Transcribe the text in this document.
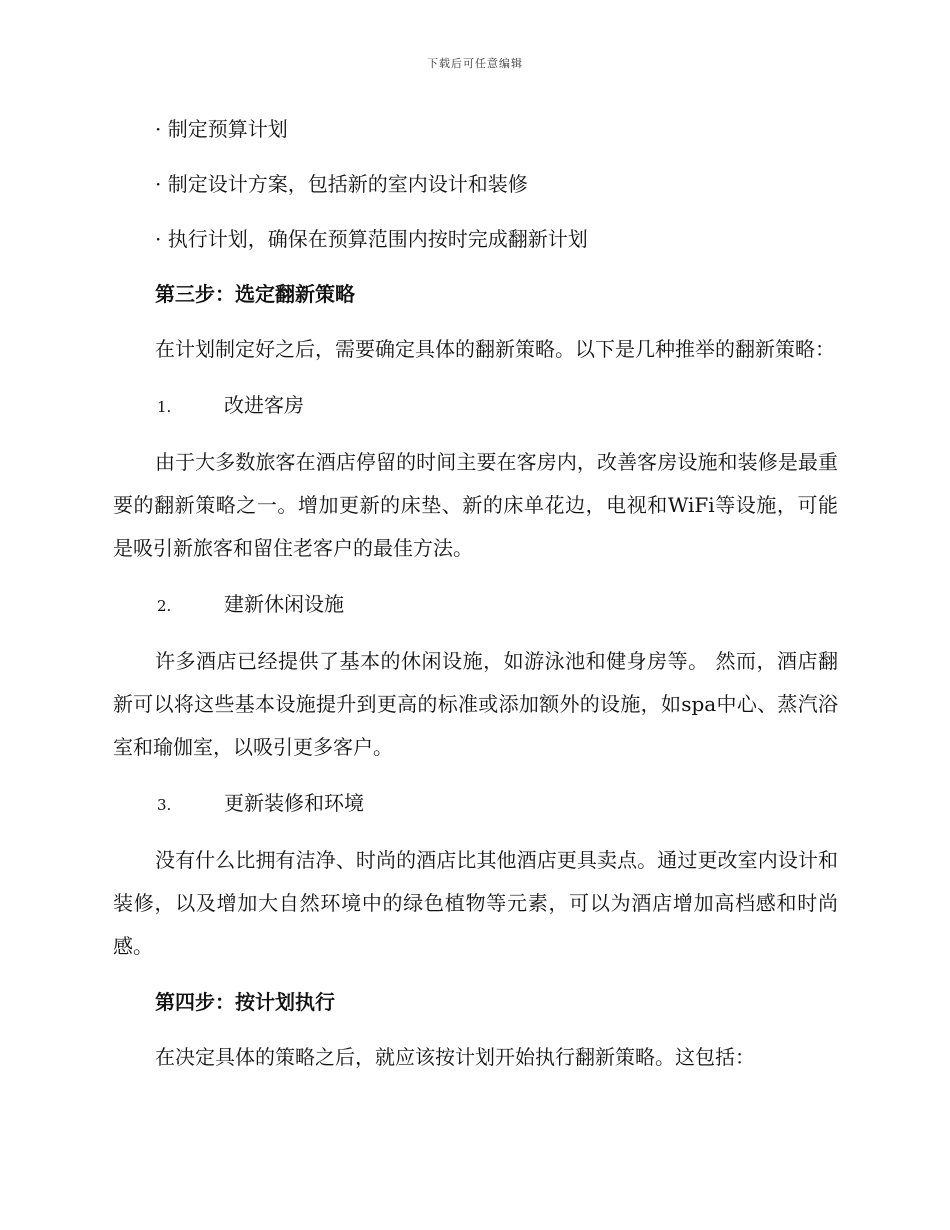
下载后可任意编辑

· 制定预算计划

· 制定设计方案，包括新的室内设计和装修

· 执行计划，确保在预算范围内按时完成翻新计划

第三步：选定翻新策略

在计划制定好之后，需要确定具体的翻新策略。以下是几种推举的翻新策略：

1.	改进客房

由于大多数旅客在酒店停留的时间主要在客房内，改善客房设施和装修是最重要的翻新策略之一。增加更新的床垫、新的床单花边，电视和WiFi等设施，可能是吸引新旅客和留住老客户的最佳方法。

2.	建新休闲设施

许多酒店已经提供了基本的休闲设施，如游泳池和健身房等。 然而，酒店翻新可以将这些基本设施提升到更高的标准或添加额外的设施，如spa中心、蒸汽浴室和瑜伽室，以吸引更多客户。

3.	更新装修和环境

没有什么比拥有洁净、时尚的酒店比其他酒店更具卖点。通过更改室内设计和装修，以及增加大自然环境中的绿色植物等元素，可以为酒店增加高档感和时尚感。

第四步：按计划执行

在决定具体的策略之后，就应该按计划开始执行翻新策略。这包括：
